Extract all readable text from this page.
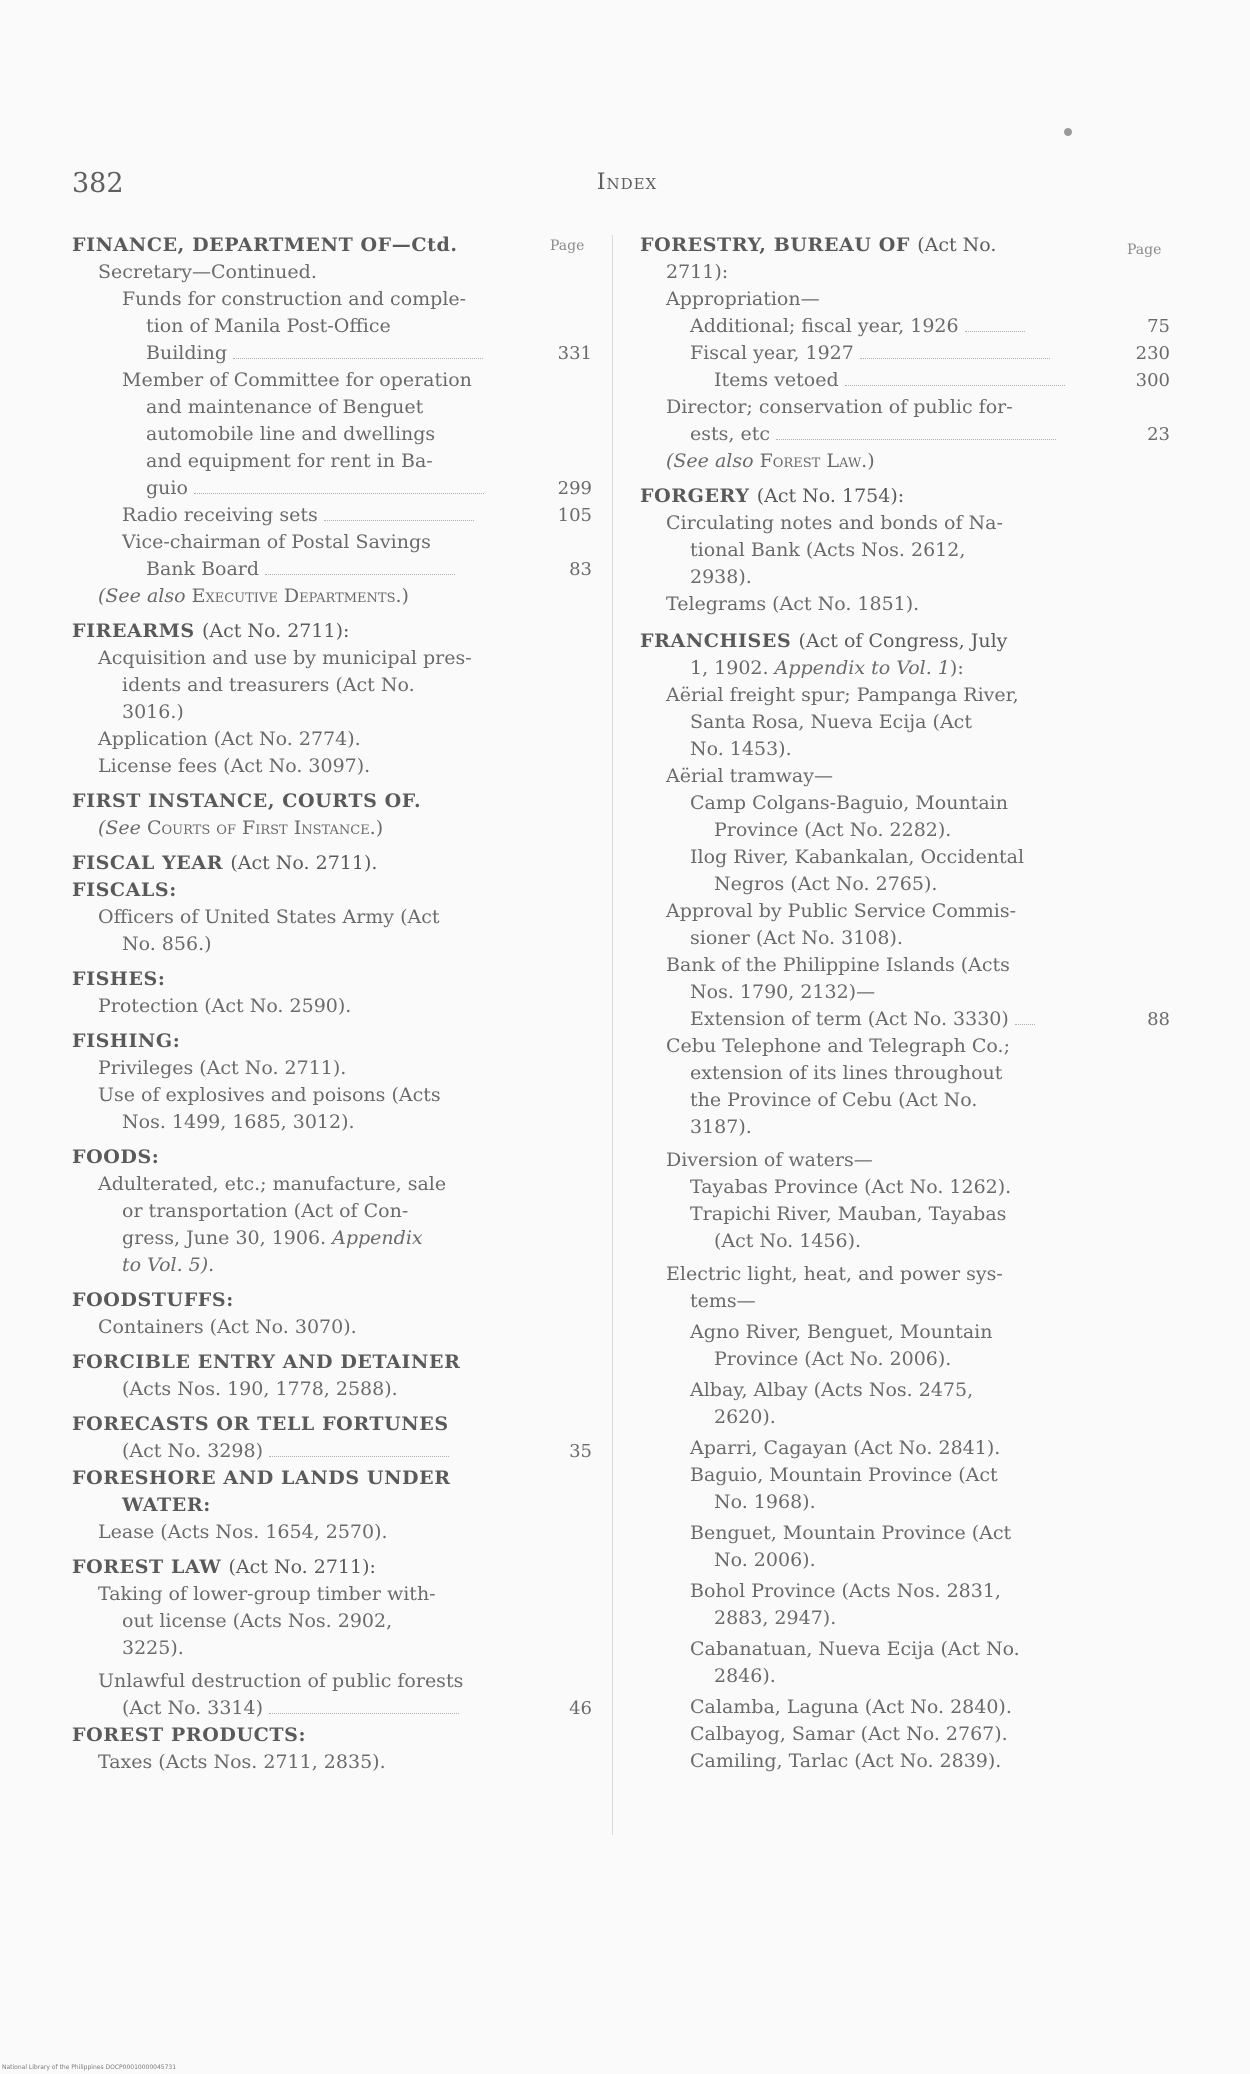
382	Index
Page	Page
FINANCE, DEPARTMENT OF—Ctd.
Secretary—Continued.
Funds for construction and comple-
tion of Manila Post-Office
Building	331
Member of Committee for operation
and maintenance of Benguet
automobile line and dwellings
and equipment for rent in Ba-
guio	299
Radio receiving sets	105
Vice-chairman of Postal Savings
Bank Board	83
(See also Executive Departments.)
FIREARMS (Act No. 2711):
Acquisition and use by municipal pres-
idents and treasurers (Act No.
3016.)
Application (Act No. 2774).
License fees (Act No. 3097).
FIRST INSTANCE, COURTS OF.
(See Courts of First Instance.)
FISCAL YEAR (Act No. 2711).
FISCALS:
Officers of United States Army (Act
No. 856.)
FISHES:
Protection (Act No. 2590).
FISHING:
Privileges (Act No. 2711).
Use of explosives and poisons (Acts
Nos. 1499, 1685, 3012).
FOODS:
Adulterated, etc.; manufacture, sale
or transportation (Act of Con-
gress, June 30, 1906. Appendix
to Vol. 5).
FOODSTUFFS:
Containers (Act No. 3070).
FORCIBLE ENTRY AND DETAINER
(Acts Nos. 190, 1778, 2588).
FORECASTS OR TELL FORTUNES
(Act No. 3298)	35
FORESHORE AND LANDS UNDER
WATER:
Lease (Acts Nos. 1654, 2570).
FOREST LAW (Act No. 2711):
Taking of lower-group timber with-
out license (Acts Nos. 2902,
3225).
Unlawful destruction of public forests
(Act No. 3314)	46
FOREST PRODUCTS:
Taxes (Acts Nos. 2711, 2835).
FORESTRY, BUREAU OF (Act No.
2711):
Appropriation—
Additional; fiscal year, 1926	75
Fiscal year, 1927	230
Items vetoed	300
Director; conservation of public for-
ests, etc	23
(See also Forest Law.)
FORGERY (Act No. 1754):
Circulating notes and bonds of Na-
tional Bank (Acts Nos. 2612,
2938).
Telegrams (Act No. 1851).
FRANCHISES (Act of Congress, July
1, 1902. Appendix to Vol. 1):
Aërial freight spur; Pampanga River,
Santa Rosa, Nueva Ecija (Act
No. 1453).
Aërial tramway—
Camp Colgans-Baguio, Mountain
Province (Act No. 2282).
Ilog River, Kabankalan, Occidental
Negros (Act No. 2765).
Approval by Public Service Commis-
sioner (Act No. 3108).
Bank of the Philippine Islands (Acts
Nos. 1790, 2132)—
Extension of term (Act No. 3330)	88
Cebu Telephone and Telegraph Co.;
extension of its lines throughout
the Province of Cebu (Act No.
3187).
Diversion of waters—
Tayabas Province (Act No. 1262).
Trapichi River, Mauban, Tayabas
(Act No. 1456).
Electric light, heat, and power sys-
tems—
Agno River, Benguet, Mountain
Province (Act No. 2006).
Albay, Albay (Acts Nos. 2475,
2620).
Aparri, Cagayan (Act No. 2841).
Baguio, Mountain Province (Act
No. 1968).
Benguet, Mountain Province (Act
No. 2006).
Bohol Province (Acts Nos. 2831,
2883, 2947).
Cabanatuan, Nueva Ecija (Act No.
2846).
Calamba, Laguna (Act No. 2840).
Calbayog, Samar (Act No. 2767).
Camiling, Tarlac (Act No. 2839).
National Library of the Philippines DOCP000100000457​31
